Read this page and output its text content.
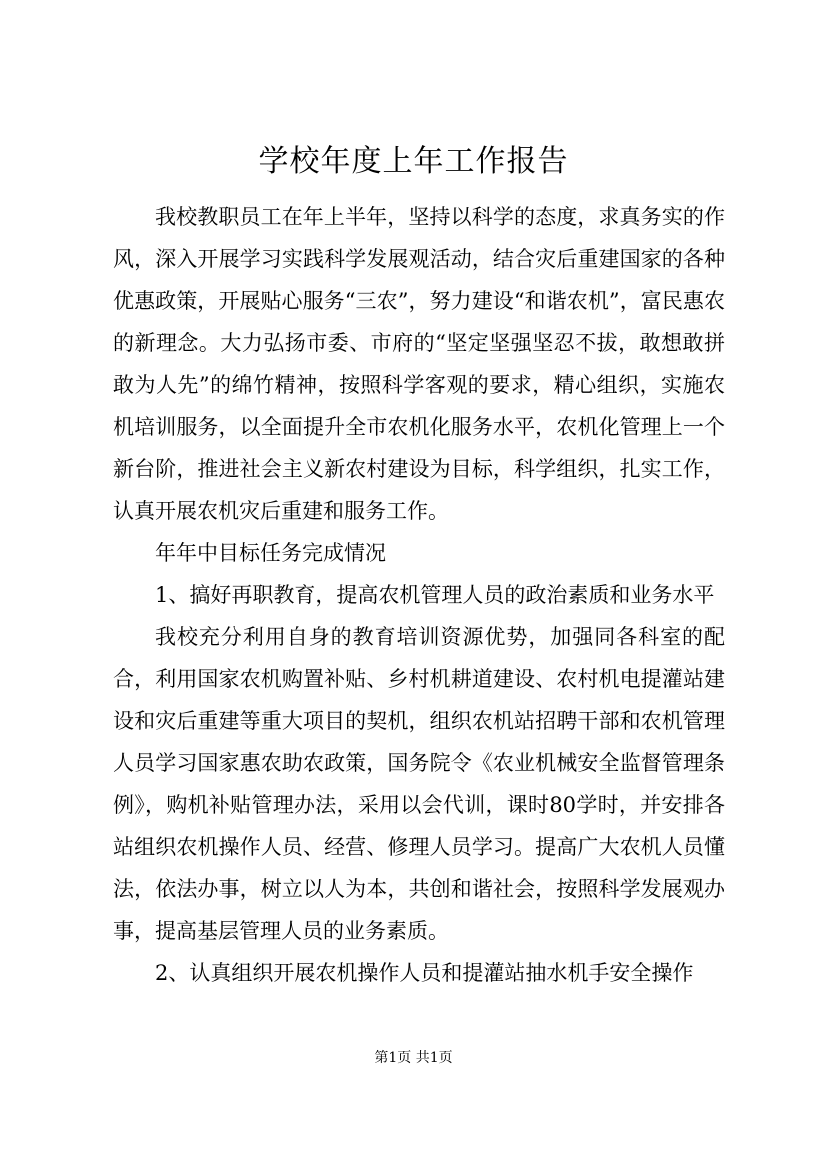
学校年度上年工作报告

我校教职员工在年上半年，坚持以科学的态度，求真务实的作风，深入开展学习实践科学发展观活动，结合灾后重建国家的各种优惠政策，开展贴心服务“三农”，努力建设“和谐农机”，富民惠农的新理念。大力弘扬市委、市府的“坚定坚强坚忍不拔，敢想敢拼敢为人先”的绵竹精神，按照科学客观的要求，精心组织，实施农机培训服务，以全面提升全市农机化服务水平，农机化管理上一个新台阶，推进社会主义新农村建设为目标，科学组织，扎实工作，认真开展农机灾后重建和服务工作。

年年中目标任务完成情况

1、搞好再职教育，提高农机管理人员的政治素质和业务水平

我校充分利用自身的教育培训资源优势，加强同各科室的配合，利用国家农机购置补贴、乡村机耕道建设、农村机电提灌站建设和灾后重建等重大项目的契机，组织农机站招聘干部和农机管理人员学习国家惠农助农政策，国务院令《农业机械安全监督管理条例》，购机补贴管理办法，采用以会代训，课时80学时，并安排各站组织农机操作人员、经营、修理人员学习。提高广大农机人员懂法，依法办事，树立以人为本，共创和谐社会，按照科学发展观办事，提高基层管理人员的业务素质。

2、认真组织开展农机操作人员和提灌站抽水机手安全操作

第1页 共1页
